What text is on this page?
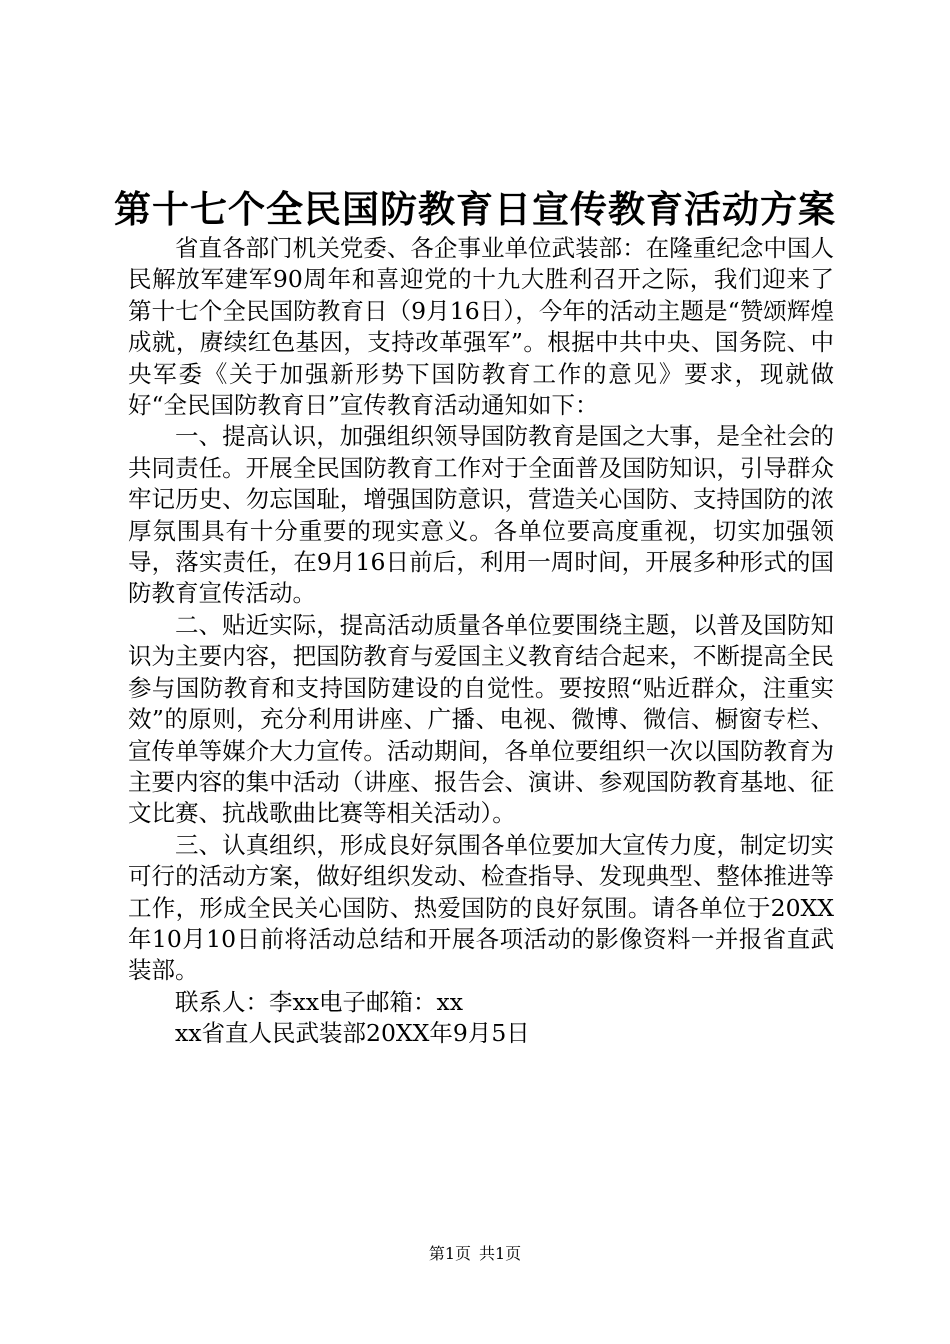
第十七个全民国防教育日宣传教育活动方案

省直各部门机关党委、各企事业单位武装部：在隆重纪念中国人民解放军建军90周年和喜迎党的十九大胜利召开之际，我们迎来了第十七个全民国防教育日（9月16日），今年的活动主题是“赞颂辉煌成就，赓续红色基因，支持改革强军”。根据中共中央、国务院、中央军委《关于加强新形势下国防教育工作的意见》要求，现就做好“全民国防教育日”宣传教育活动通知如下：

一、提高认识，加强组织领导国防教育是国之大事，是全社会的共同责任。开展全民国防教育工作对于全面普及国防知识，引导群众牢记历史、勿忘国耻，增强国防意识，营造关心国防、支持国防的浓厚氛围具有十分重要的现实意义。各单位要高度重视，切实加强领导，落实责任，在9月16日前后，利用一周时间，开展多种形式的国防教育宣传活动。

二、贴近实际，提高活动质量各单位要围绕主题，以普及国防知识为主要内容，把国防教育与爱国主义教育结合起来，不断提高全民参与国防教育和支持国防建设的自觉性。要按照“贴近群众，注重实效”的原则，充分利用讲座、广播、电视、微博、微信、橱窗专栏、宣传单等媒介大力宣传。活动期间，各单位要组织一次以国防教育为主要内容的集中活动（讲座、报告会、演讲、参观国防教育基地、征文比赛、抗战歌曲比赛等相关活动）。

三、认真组织，形成良好氛围各单位要加大宣传力度，制定切实可行的活动方案，做好组织发动、检查指导、发现典型、整体推进等工作，形成全民关心国防、热爱国防的良好氛围。请各单位于20XX年10月10日前将活动总结和开展各项活动的影像资料一并报省直武装部。

联系人：李xx电子邮箱：xx

xx省直人民武装部20XX年9月5日

第1页 共1页
